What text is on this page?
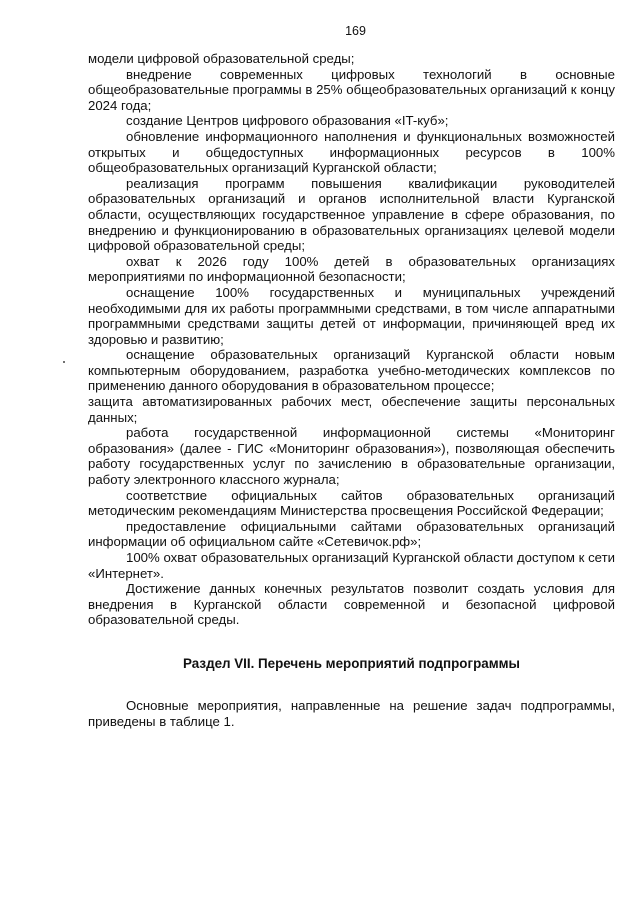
169

модели цифровой образовательной среды;

внедрение современных цифровых технологий в основные общеобразовательные программы в 25% общеобразовательных организаций к концу 2024 года;

создание Центров цифрового образования «IT-куб»;

обновление информационного наполнения и функциональных возможностей открытых и общедоступных информационных ресурсов в 100% общеобразовательных организаций Курганской области;

реализация программ повышения квалификации руководителей образовательных организаций и органов исполнительной власти Курганской области, осуществляющих государственное управление в сфере образования, по внедрению и функционированию в образовательных организациях целевой модели цифровой образовательной среды;

охват к 2026 году 100% детей в образовательных организациях мероприятиями по информационной безопасности;

оснащение 100% государственных и муниципальных учреждений необходимыми для их работы программными средствами, в том числе аппаратными программными средствами защиты детей от информации, причиняющей вред их здоровью и развитию;

оснащение образовательных организаций Курганской области новым компьютерным оборудованием, разработка учебно-методических комплексов по применению данного оборудования в образовательном процессе;

защита автоматизированных рабочих мест, обеспечение защиты персональных данных;

работа государственной информационной системы «Мониторинг образования» (далее - ГИС «Мониторинг образования»), позволяющая обеспечить работу государственных услуг по зачислению в образовательные организации, работу электронного классного журнала;

соответствие официальных сайтов образовательных организаций методическим рекомендациям Министерства просвещения Российской Федерации;

предоставление официальными сайтами образовательных организаций информации об официальном сайте «Сетевичок.рф»;

100% охват образовательных организаций Курганской области доступом к сети «Интернет».

Достижение данных конечных результатов позволит создать условия для внедрения в Курганской области современной и безопасной цифровой образовательной среды.

Раздел VII. Перечень мероприятий подпрограммы

Основные мероприятия, направленные на решение задач подпрограммы, приведены в таблице 1.
